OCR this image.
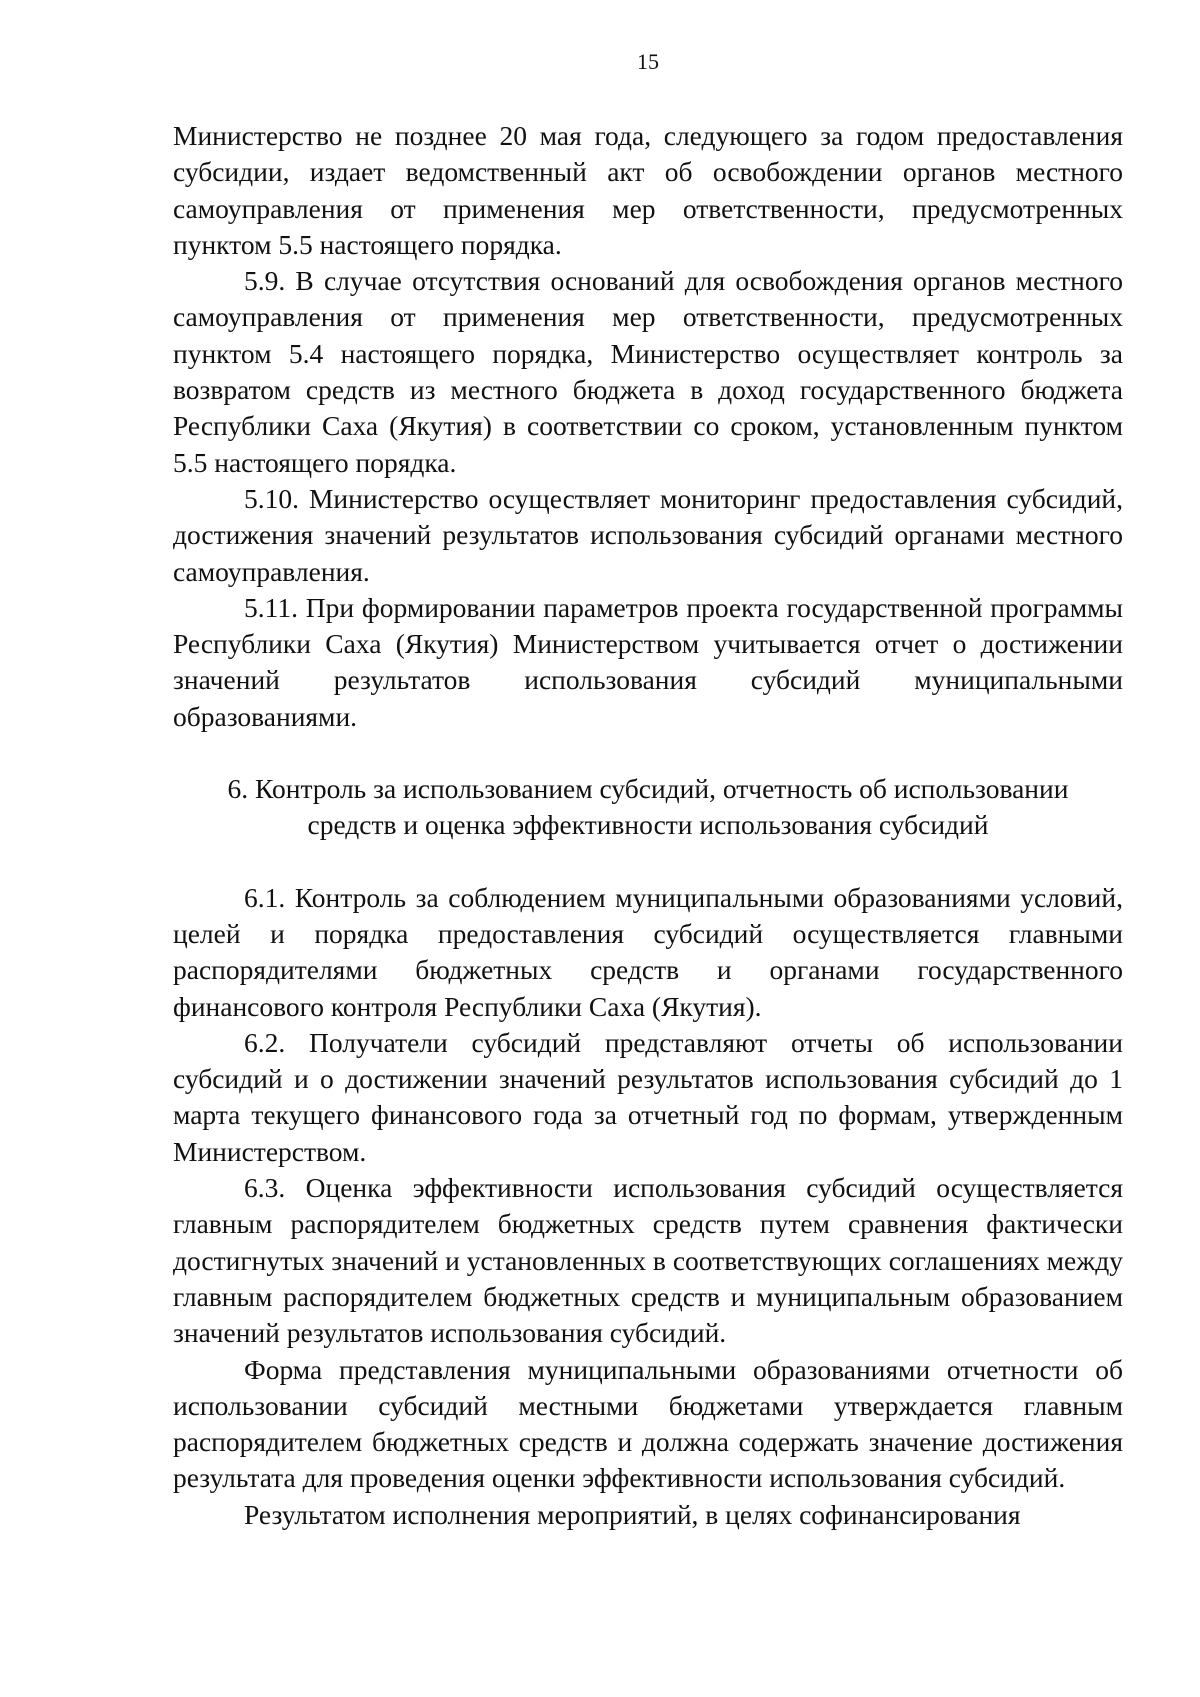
15

Министерство не позднее 20 мая года, следующего за годом предоставления субсидии, издает ведомственный акт об освобождении органов местного самоуправления от применения мер ответственности, предусмотренных пунктом 5.5 настоящего порядка.

5.9. В случае отсутствия оснований для освобождения органов местного самоуправления от применения мер ответственности, предусмотренных пунктом 5.4 настоящего порядка, Министерство осуществляет контроль за возвратом средств из местного бюджета в доход государственного бюджета Республики Саха (Якутия) в соответствии со сроком, установленным пунктом 5.5 настоящего порядка.

5.10. Министерство осуществляет мониторинг предоставления субсидий, достижения значений результатов использования субсидий органами местного самоуправления.

5.11. При формировании параметров проекта государственной программы Республики Саха (Якутия) Министерством учитывается отчет о достижении значений результатов использования субсидий муниципальными образованиями.

6. Контроль за использованием субсидий, отчетность об использовании
средств и оценка эффективности использования субсидий

6.1. Контроль за соблюдением муниципальными образованиями условий, целей и порядка предоставления субсидий осуществляется главными распорядителями бюджетных средств и органами государственного финансового контроля Республики Саха (Якутия).

6.2. Получатели субсидий представляют отчеты об использовании субсидий и о достижении значений результатов использования субсидий до 1 марта текущего финансового года за отчетный год по формам, утвержденным Министерством.

6.3. Оценка эффективности использования субсидий осуществляется главным распорядителем бюджетных средств путем сравнения фактически достигнутых значений и установленных в соответствующих соглашениях между главным распорядителем бюджетных средств и муниципальным образованием значений результатов использования субсидий.

Форма представления муниципальными образованиями отчетности об использовании субсидий местными бюджетами утверждается главным распорядителем бюджетных средств и должна содержать значение достижения результата для проведения оценки эффективности использования субсидий.

Результатом исполнения мероприятий, в целях софинансирования
